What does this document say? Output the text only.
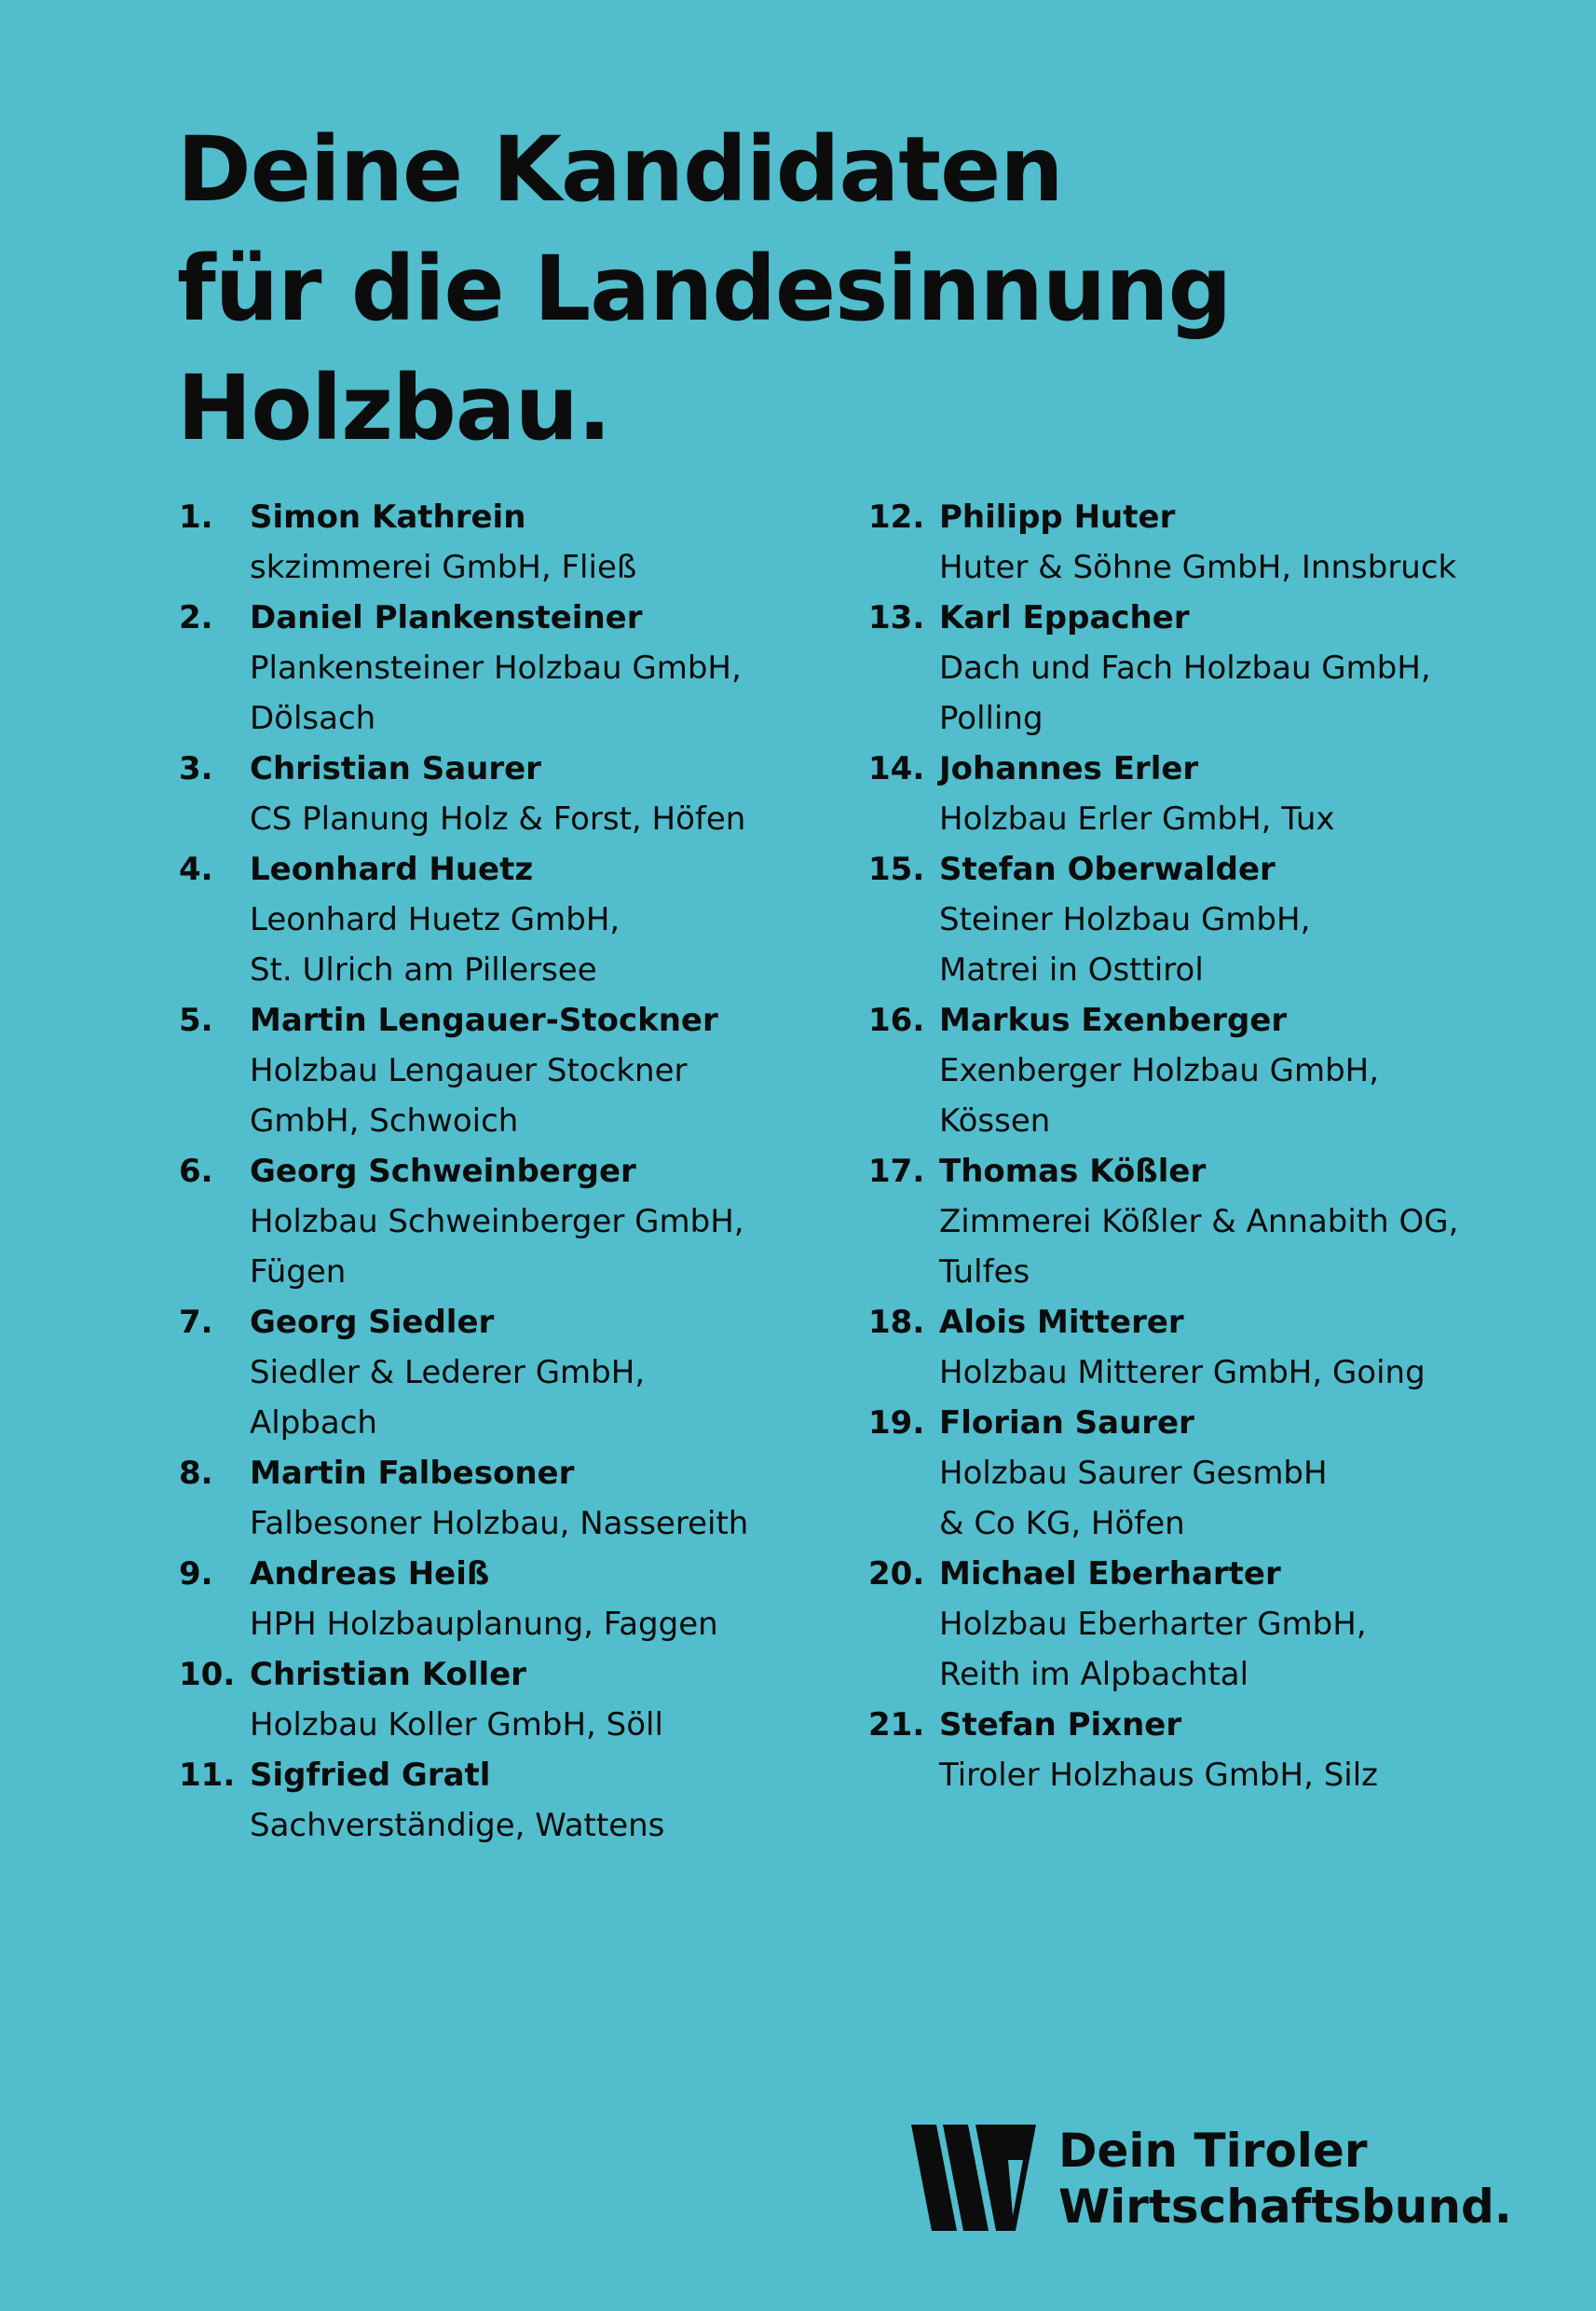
Deine Kandidaten
für die Landesinnung
Holzbau.
1. Simon Kathrein
skzimmerei GmbH, Fließ
2. Daniel Plankensteiner
Plankensteiner Holzbau GmbH,
Dölsach
3. Christian Saurer
CS Planung Holz & Forst, Höfen
4. Leonhard Huetz
Leonhard Huetz GmbH,
St. Ulrich am Pillersee
5. Martin Lengauer-Stockner
Holzbau Lengauer Stockner
GmbH, Schwoich
6. Georg Schweinberger
Holzbau Schweinberger GmbH,
Fügen
7. Georg Siedler
Siedler & Lederer GmbH,
Alpbach
8. Martin Falbesoner
Falbesoner Holzbau, Nassereith
9. Andreas Heiß
HPH Holzbauplanung, Faggen
10. Christian Koller
Holzbau Koller GmbH, Söll
11. Sigfried Gratl
Sachverständige, Wattens
12. Philipp Huter
Huter & Söhne GmbH, Innsbruck
13. Karl Eppacher
Dach und Fach Holzbau GmbH,
Polling
14. Johannes Erler
Holzbau Erler GmbH, Tux
15. Stefan Oberwalder
Steiner Holzbau GmbH,
Matrei in Osttirol
16. Markus Exenberger
Exenberger Holzbau GmbH,
Kössen
17. Thomas Kößler
Zimmerei Kößler & Annabith OG,
Tulfes
18. Alois Mitterer
Holzbau Mitterer GmbH, Going
19. Florian Saurer
Holzbau Saurer GesmbH
& Co KG, Höfen
20. Michael Eberharter
Holzbau Eberharter GmbH,
Reith im Alpbachtal
21. Stefan Pixner
Tiroler Holzhaus GmbH, Silz
Dein Tiroler
Wirtschaftsbund.
